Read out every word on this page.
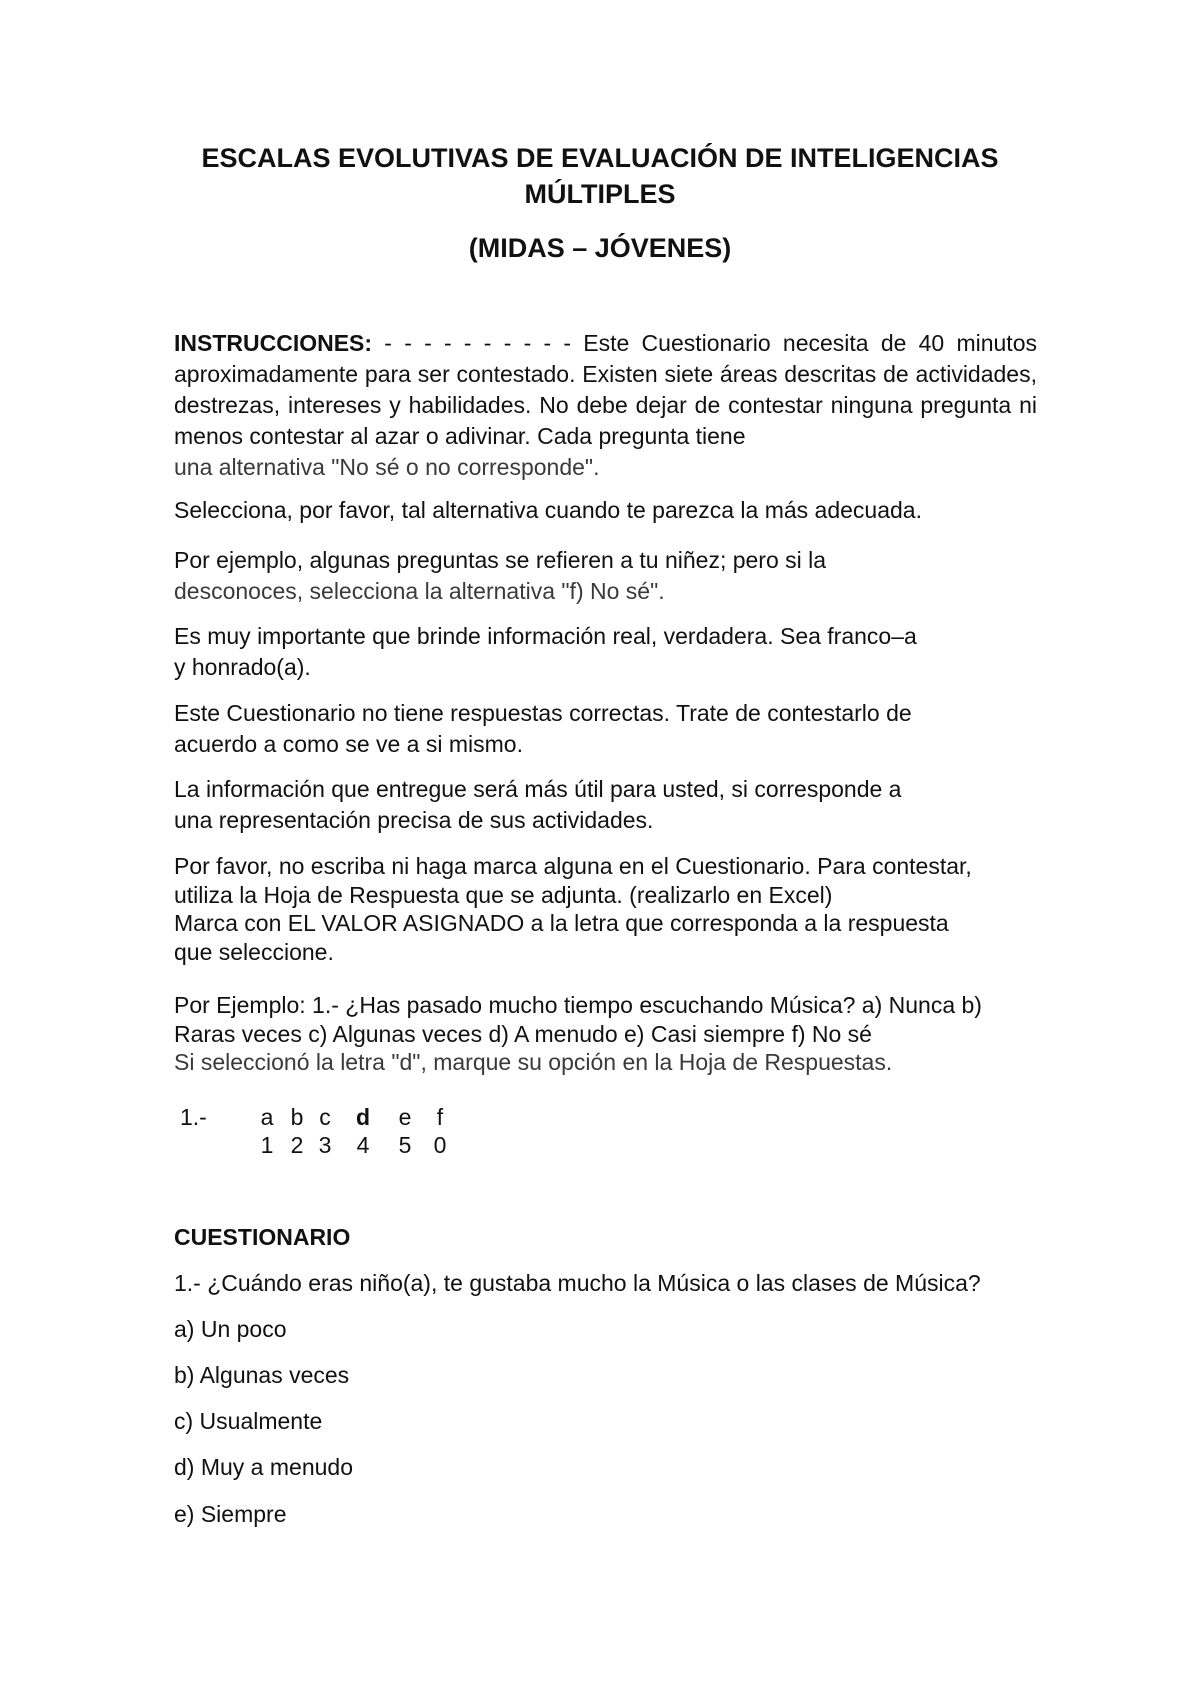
ESCALAS EVOLUTIVAS DE EVALUACIÓN DE INTELIGENCIAS
MÚLTIPLES
(MIDAS – JÓVENES)

INSTRUCCIONES: - - - - - - - - - - Este Cuestionario necesita de 40 minutos aproximadamente para ser contestado. Existen siete áreas descritas de actividades, destrezas, intereses y habilidades. No debe dejar de contestar ninguna pregunta ni menos contestar al azar o adivinar. Cada pregunta tiene

una alternativa "No sé o no corresponde".

Selecciona, por favor, tal alternativa cuando te parezca la más adecuada.

Por ejemplo, algunas preguntas se refieren a tu niñez; pero si la

desconoces, selecciona la alternativa "f) No sé".

Es muy importante que brinde información real, verdadera. Sea franco–a

y honrado(a).

Este Cuestionario no tiene respuestas correctas. Trate de contestarlo de

acuerdo a como se ve a si mismo.

La información que entregue será más útil para usted, si corresponde a

una representación precisa de sus actividades.

Por favor, no escriba ni haga marca alguna en el Cuestionario. Para contestar,

utiliza la Hoja de Respuesta que se adjunta. (realizarlo en Excel)

Marca con EL VALOR ASIGNADO a la letra que corresponda a la respuesta

que seleccione.

Por Ejemplo: 1.- ¿Has pasado mucho tiempo escuchando Música? a) Nunca b)

Raras veces c) Algunas veces d) A menudo e) Casi siempre f) No sé

Si seleccionó la letra "d", marque su opción en la Hoja de Respuestas.

1.-	a b c	d	e	f
1 2 3	4	5 0
CUESTIONARIO

1.- ¿Cuándo eras niño(a), te gustaba mucho la Música o las clases de Música?

a) Un poco

b) Algunas veces

c) Usualmente

d) Muy a menudo

e) Siempre
